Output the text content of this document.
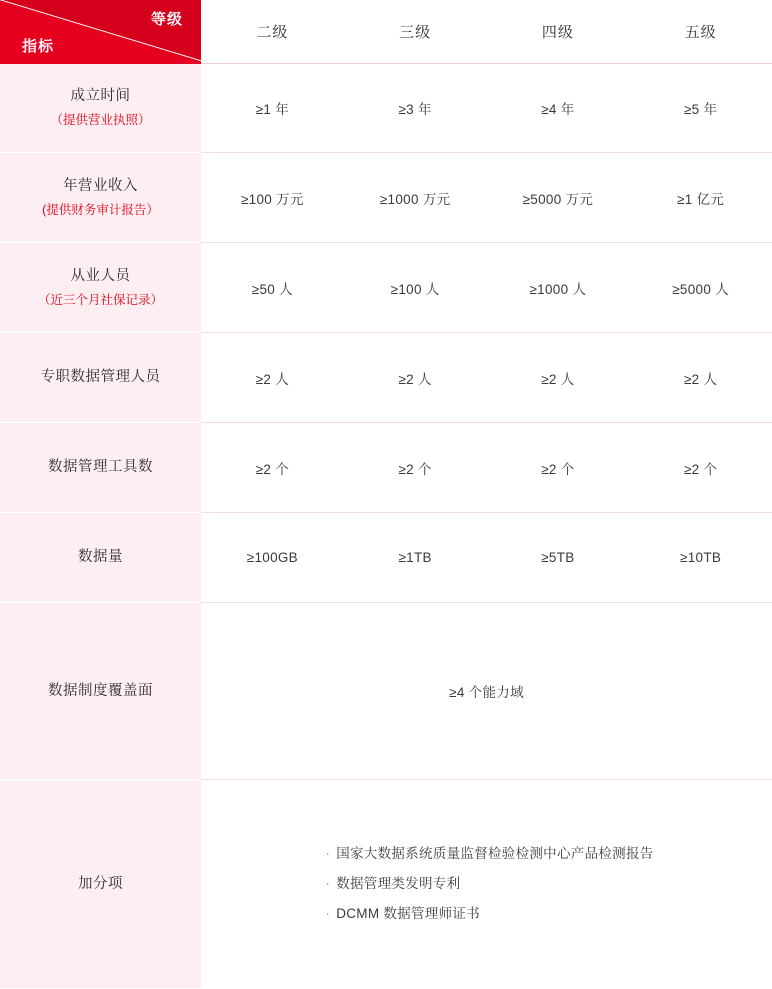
指标
等级	二级	三级	四级	五级
成立时间
（提供营业执照）	≥1 年	≥3 年	≥4 年	≥5 年
年营业收入
(提供财务审计报告）	≥100 万元	≥1000 万元	≥5000 万元	≥1 亿元
从业人员
（近三个月社保记录）	≥50 人	≥100 人	≥1000 人	≥5000 人
专职数据管理人员	≥2 人	≥2 人	≥2 人	≥2 人
数据管理工具数	≥2 个	≥2 个	≥2 个	≥2 个
数据量	≥100GB	≥1TB	≥5TB	≥10TB
数据制度覆盖面	≥4 个能力域			
加分项	· 国家大数据系统质量监督检验检测中心产品检测报告
· 数据管理类发明专利
· DCMM 数据管理师证书			
